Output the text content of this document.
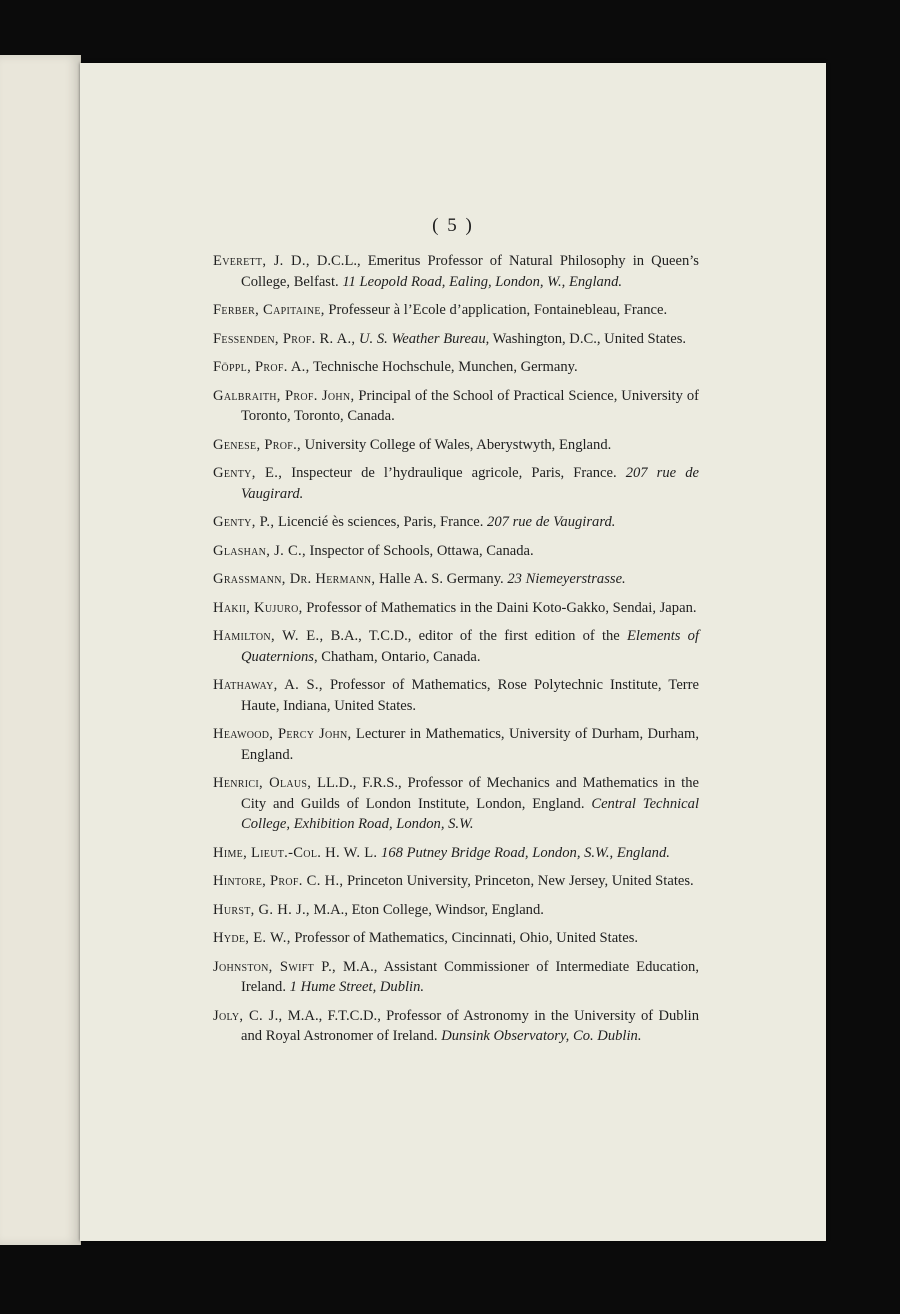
( 5 )

Everett, J. D., D.C.L., Emeritus Professor of Natural Philosophy in Queen’s College, Belfast. 11 Leopold Road, Ealing, London, W., England.

Ferber, Capitaine, Professeur à l’Ecole d’application, Fontainebleau, France.

Fessenden, Prof. R. A., U. S. Weather Bureau, Washington, D.C., United States.

Föppl, Prof. A., Technische Hochschule, Munchen, Germany.

Galbraith, Prof. John, Principal of the School of Practical Science, University of Toronto, Toronto, Canada.

Genese, Prof., University College of Wales, Aberystwyth, England.

Genty, E., Inspecteur de l’hydraulique agricole, Paris, France. 207 rue de Vaugirard.

Genty, P., Licencié ès sciences, Paris, France. 207 rue de Vaugirard.

Glashan, J. C., Inspector of Schools, Ottawa, Canada.

Grassmann, Dr. Hermann, Halle A. S. Germany. 23 Niemeyerstrasse.

Hakii, Kujuro, Professor of Mathematics in the Daini Koto-Gakko, Sendai, Japan.

Hamilton, W. E., B.A., T.C.D., editor of the first edition of the Elements of Quaternions, Chatham, Ontario, Canada.

Hathaway, A. S., Professor of Mathematics, Rose Polytechnic Institute, Terre Haute, Indiana, United States.

Heawood, Percy John, Lecturer in Mathematics, University of Durham, Durham, England.

Henrici, Olaus, LL.D., F.R.S., Professor of Mechanics and Mathematics in the City and Guilds of London Institute, London, England. Central Technical College, Exhibition Road, London, S.W.

Hime, Lieut.-Col. H. W. L. 168 Putney Bridge Road, London, S.W., England.

Hintore, Prof. C. H., Princeton University, Princeton, New Jersey, United States.

Hurst, G. H. J., M.A., Eton College, Windsor, England.

Hyde, E. W., Professor of Mathematics, Cincinnati, Ohio, United States.

Johnston, Swift P., M.A., Assistant Commissioner of Intermediate Education, Ireland. 1 Hume Street, Dublin.

Joly, C. J., M.A., F.T.C.D., Professor of Astronomy in the University of Dublin and Royal Astronomer of Ireland. Dunsink Observatory, Co. Dublin.
